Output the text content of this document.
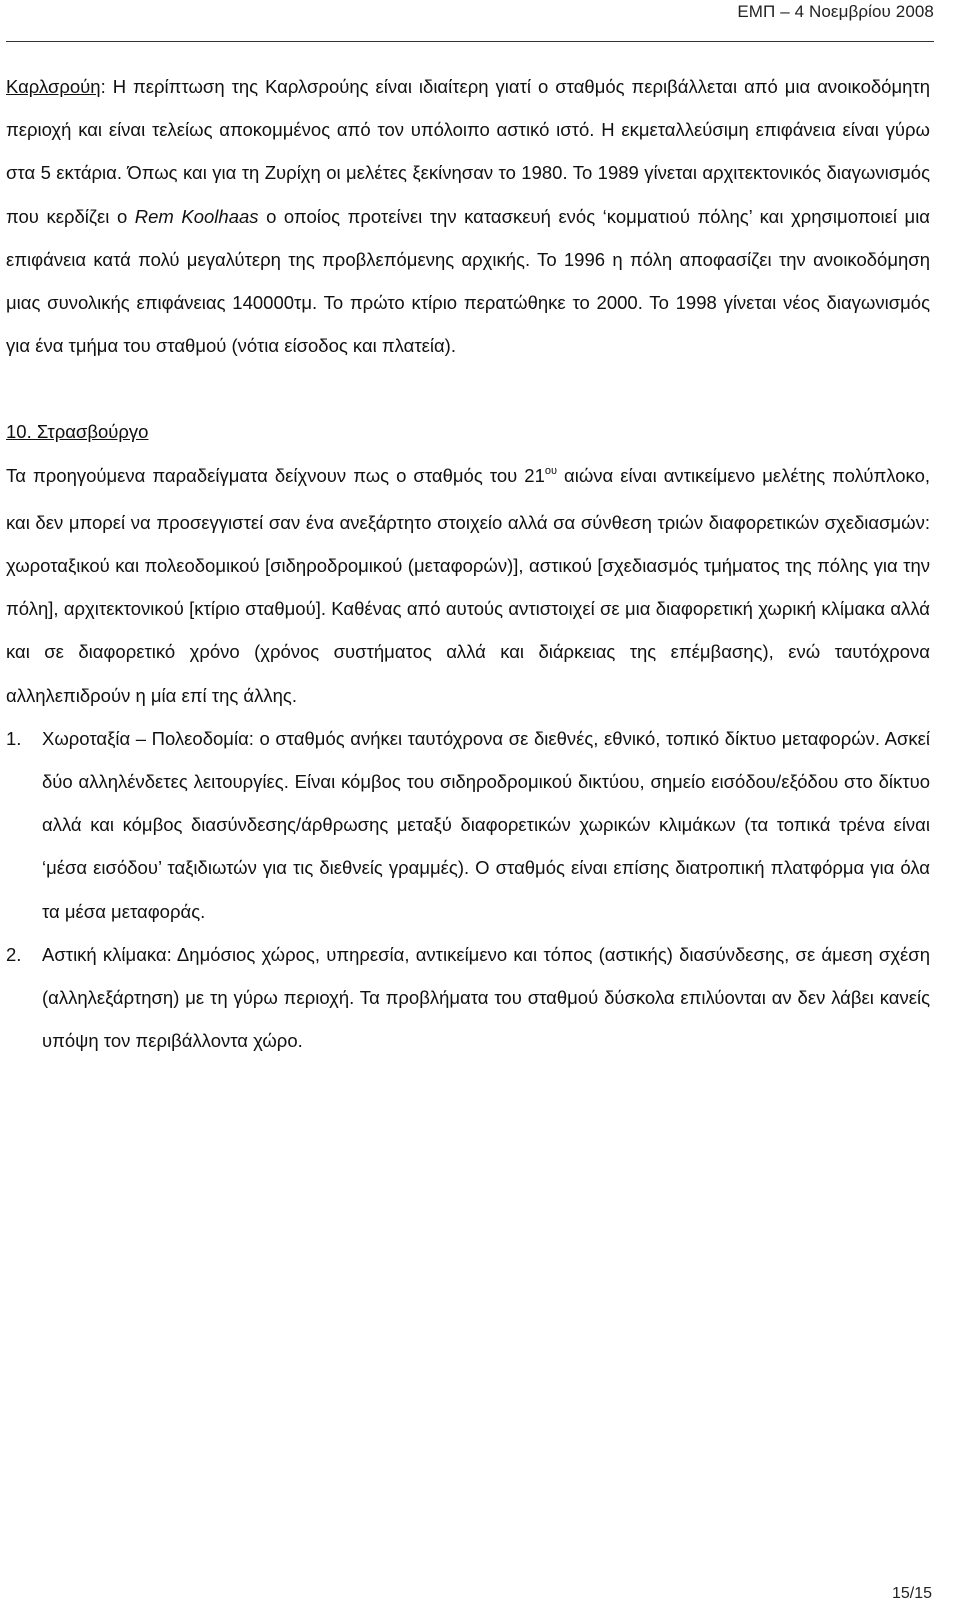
ΕΜΠ – 4 Νοεμβρίου 2008

Καρλσρούη: Η περίπτωση της Καρλσρούης είναι ιδιαίτερη γιατί ο σταθμός περιβάλλεται από μια ανοικοδόμητη περιοχή και είναι τελείως αποκομμένος από τον υπόλοιπο αστικό ιστό. Η εκμεταλλεύσιμη επιφάνεια είναι γύρω στα 5 εκτάρια. Όπως και για τη Ζυρίχη οι μελέτες ξεκίνησαν το 1980. Το 1989 γίνεται αρχιτεκτονικός διαγωνισμός που κερδίζει ο Rem Koolhaas ο οποίος προτείνει την κατασκευή ενός ‘κομματιού πόλης’ και χρησιμοποιεί μια επιφάνεια κατά πολύ μεγαλύτερη της προβλεπόμενης αρχικής. Το 1996 η πόλη αποφασίζει την ανοικοδόμηση μιας συνολικής επιφάνειας 140000τμ. Το πρώτο κτίριο περατώθηκε το 2000. Το 1998 γίνεται νέος διαγωνισμός για ένα τμήμα του σταθμού (νότια είσοδος και πλατεία).

10. Στρασβούργο

Τα προηγούμενα παραδείγματα δείχνουν πως ο σταθμός του $21^{o\upsilon}$ αιώνα είναι αντικείμενο μελέτης πολύπλοκο, και δεν μπορεί να προσεγγιστεί σαν ένα ανεξάρτητο στοιχείο αλλά σα σύνθεση τριών διαφορετικών σχεδιασμών: χωροταξικού και πολεοδομικού [σιδηροδρομικού (μεταφορών)], αστικού [σχεδιασμός τμήματος της πόλης για την πόλη], αρχιτεκτονικού [κτίριο σταθμού]. Καθένας από αυτούς αντιστοιχεί σε μια διαφορετική χωρική κλίμακα αλλά και σε διαφορετικό χρόνο (χρόνος συστήματος αλλά και διάρκειας της επέμβασης), ενώ ταυτόχρονα αλληλεπιδρούν η μία επί της άλλης.

1. Χωροταξία – Πολεοδομία: ο σταθμός ανήκει ταυτόχρονα σε διεθνές, εθνικό, τοπικό δίκτυο μεταφορών. Ασκεί δύο αλληλένδετες λειτουργίες. Είναι κόμβος του σιδηροδρομικού δικτύου, σημείο εισόδου/εξόδου στο δίκτυο αλλά και κόμβος διασύνδεσης/άρθρωσης μεταξύ διαφορετικών χωρικών κλιμάκων (τα τοπικά τρένα είναι ‘μέσα εισόδου’ ταξιδιωτών για τις διεθνείς γραμμές). Ο σταθμός είναι επίσης διατροπική πλατφόρμα για όλα τα μέσα μεταφοράς.

2. Αστική κλίμακα: Δημόσιος χώρος, υπηρεσία, αντικείμενο και τόπος (αστικής) διασύνδεσης, σε άμεση σχέση (αλληλεξάρτηση) με τη γύρω περιοχή. Τα προβλήματα του σταθμού δύσκολα επιλύονται αν δεν λάβει κανείς υπόψη τον περιβάλλοντα χώρο.

15/15
